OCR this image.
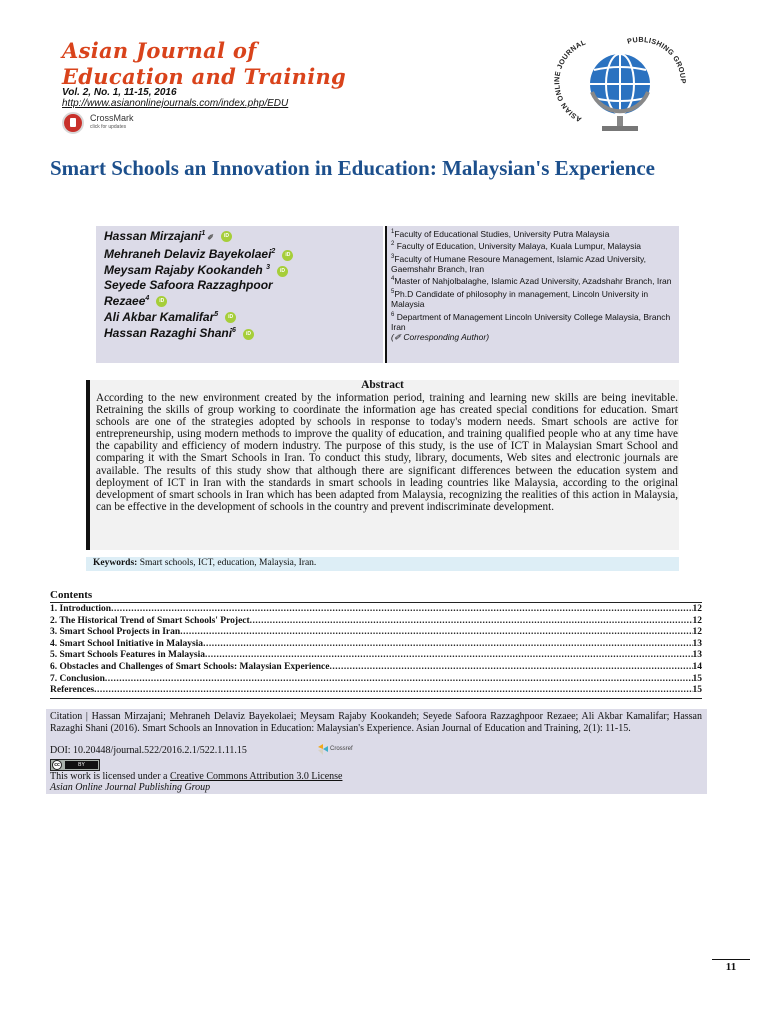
Asian Journal of
Education and Training
Vol. 2, No. 1, 11-15, 2016
http://www.asianonlinejournals.com/index.php/EDU
CrossMark
click for updates
ASIAN ONLINE JOURNAL	PUBLISHING GROUP
Smart Schools an Innovation in Education: Malaysian's Experience
Hassan Mirzajani$^1$ ✐ iD
Mehraneh Delaviz Bayekolaei$^2$ iD
Meysam Rajaby Kookandeh $^3$ iD
Seyede Safoora Razzaghpoor
Rezaee$^4$ iD
Ali Akbar Kamalifar$^5$ iD
Hassan Razaghi Shani$^6$ iD
$^1$Faculty of Educational Studies, University Putra Malaysia
$^2$ Faculty of Education, University Malaya, Kuala Lumpur, Malaysia
$^3$Faculty of Humane Resoure Management, Islamic Azad University, Gaemshahr Branch, Iran
$^4$Master of Nahjolbalaghe, Islamic Azad University, Azadshahr Branch, Iran
$^5$Ph.D Candidate of philosophy in management, Lincoln University in Malaysia
$^6$ Department of Management Lincoln University College Malaysia, Branch Iran
(✐ Corresponding Author)
Abstract

According to the new environment created by the information period, training and learning new skills are being inevitable. Retraining the skills of group working to coordinate the information age has created special conditions for education. Smart schools are one of the strategies adopted by schools in response to today's modern needs. Smart schools are active for entrepreneurship, using modern methods to improve the quality of education, and training qualified people who at any time have the capability and efficiency of modern industry. The purpose of this study, is the use of ICT in Malaysian Smart School and comparing it with the Smart Schools in Iran. To conduct this study, library, documents, Web sites and electronic journals are available. The results of this study show that although there are significant differences between the education system and deployment of ICT in Iran with the standards in smart schools in leading countries like Malaysia, according to the original development of smart schools in Iran which has been adapted from Malaysia, recognizing the realities of this action in Malaysia, can be effective in the development of schools in the country and prevent indiscriminate development.

Keywords: Smart schools, ICT, education, Malaysia, Iran.
Contents
1. Introduction .....	12
2. The Historical Trend of Smart Schools' Project .....	12
3. Smart School Projects in Iran .....	12
4. Smart School Initiative in Malaysia .....	13
5. Smart Schools Features in Malaysia .....	13
6. Obstacles and Challenges of Smart Schools: Malaysian Experience .....	14
7. Conclusion .....	15
References .....	15

Citation | Hassan Mirzajani; Mehraneh Delaviz Bayekolaei; Meysam Rajaby Kookandeh; Seyede Safoora Razzaghpoor Rezaee; Ali Akbar Kamalifar; Hassan Razaghi Shani (2016). Smart Schools an Innovation in Education: Malaysian's Experience. Asian Journal of Education and Training, 2(1): 11-15.

DOI: 10.20448/journal.522/2016.2.1/522.1.11.15	Crossref
cc	BY
This work is licensed under a Creative Commons Attribution 3.0 License
Asian Online Journal Publishing Group
11
